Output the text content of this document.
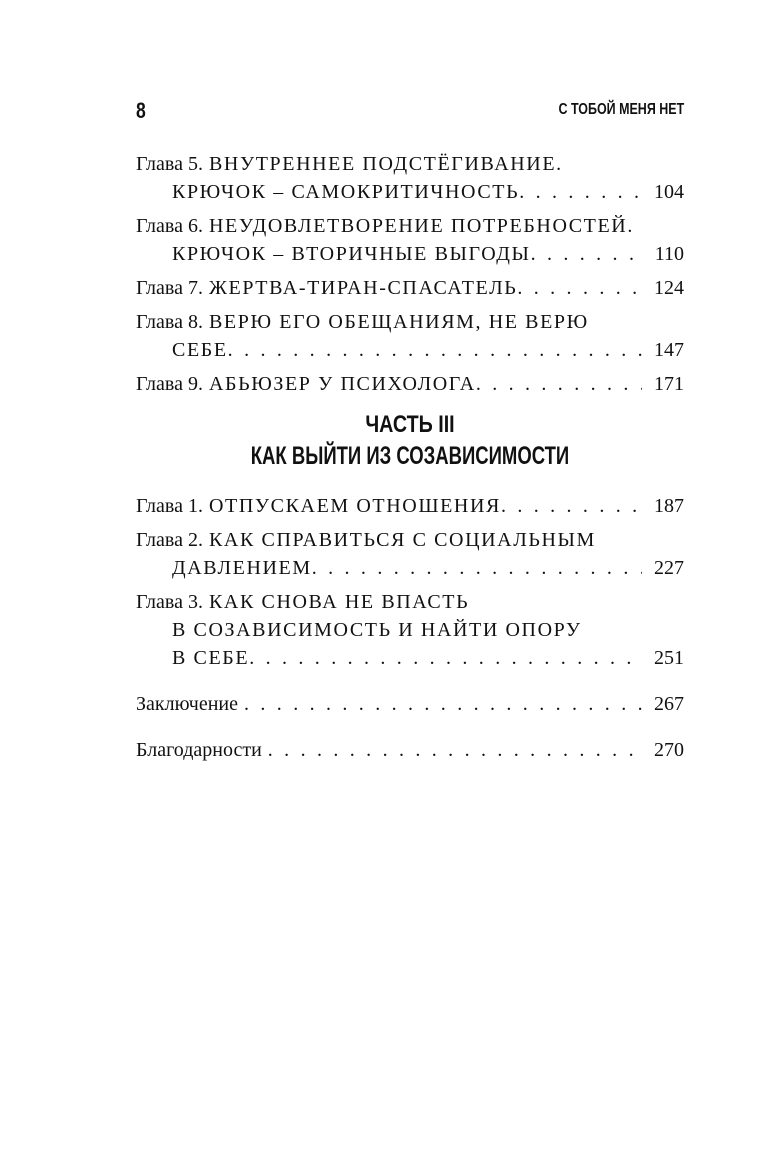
8	С ТОБОЙ МЕНЯ НЕТ
Глава 5. ВНУТРЕННЕЕ ПОДСТЁГИВАНИЕ.
КРЮЧОК – САМОКРИТИЧНОСТЬ . . .	104
Глава 6. НЕУДОВЛЕТВОРЕНИЕ ПОТРЕБНОСТЕЙ.
КРЮЧОК – ВТОРИЧНЫЕ ВЫГОДЫ . . .	110
Глава 7. ЖЕРТВА-ТИРАН-СПАСАТЕЛЬ . . .	124
Глава 8. ВЕРЮ ЕГО ОБЕЩАНИЯМ, НЕ ВЕРЮ
СЕБЕ . . .	147
Глава 9. АБЬЮЗЕР У ПСИХОЛОГА . . .	171
ЧАСТЬ III
КАК ВЫЙТИ ИЗ СОЗАВИСИМОСТИ
Глава 1. ОТПУСКАЕМ ОТНОШЕНИЯ . . .	187
Глава 2. КАК СПРАВИТЬСЯ С СОЦИАЛЬНЫМ
ДАВЛЕНИЕМ . . .	227
Глава 3. КАК СНОВА НЕ ВПАСТЬ
В СОЗАВИСИМОСТЬ И НАЙТИ ОПОРУ
В СЕБЕ . . .	251
Заключение . . .	267
Благодарности . . .	270
